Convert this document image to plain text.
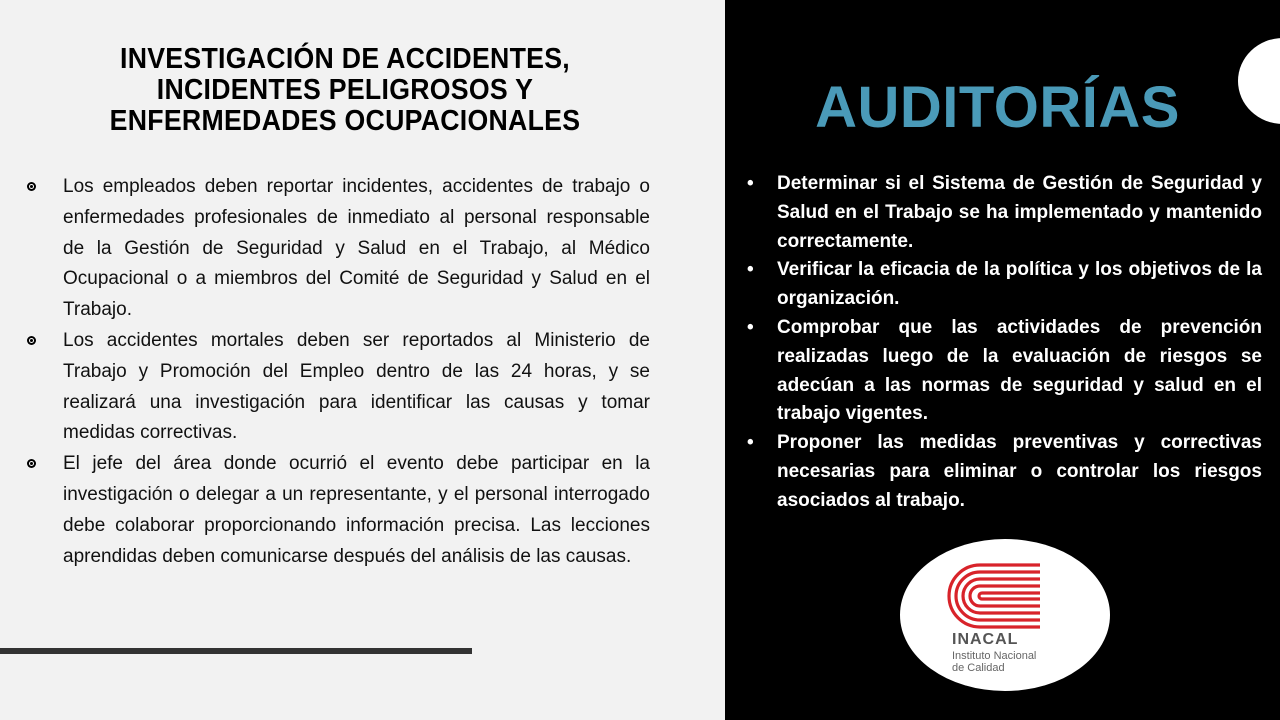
INVESTIGACIÓN DE ACCIDENTES,
INCIDENTES PELIGROSOS Y
ENFERMEDADES OCUPACIONALES
Los empleados deben reportar incidentes, accidentes de trabajo o enfermedades profesionales de inmediato al personal responsable de la Gestión de Seguridad y Salud en el Trabajo, al Médico Ocupacional o a miembros del Comité de Seguridad y Salud en el Trabajo.
Los accidentes mortales deben ser reportados al Ministerio de Trabajo y Promoción del Empleo dentro de las 24 horas, y se realizará una investigación para identificar las causas y tomar medidas correctivas.
El jefe del área donde ocurrió el evento debe participar en la investigación o delegar a un representante, y el personal interrogado debe colaborar proporcionando información precisa. Las lecciones aprendidas deben comunicarse después del análisis de las causas.
AUDITORÍAS
• Determinar si el Sistema de Gestión de Seguridad y Salud en el Trabajo se ha implementado y mantenido correctamente.
• Verificar la eficacia de la política y los objetivos de la organización.
• Comprobar que las actividades de prevención realizadas luego de la evaluación de riesgos se adecúan a las normas de seguridad y salud en el trabajo vigentes.
• Proponer las medidas preventivas y correctivas necesarias para eliminar o controlar los riesgos asociados al trabajo.
INACAL
Instituto Nacional
de Calidad
